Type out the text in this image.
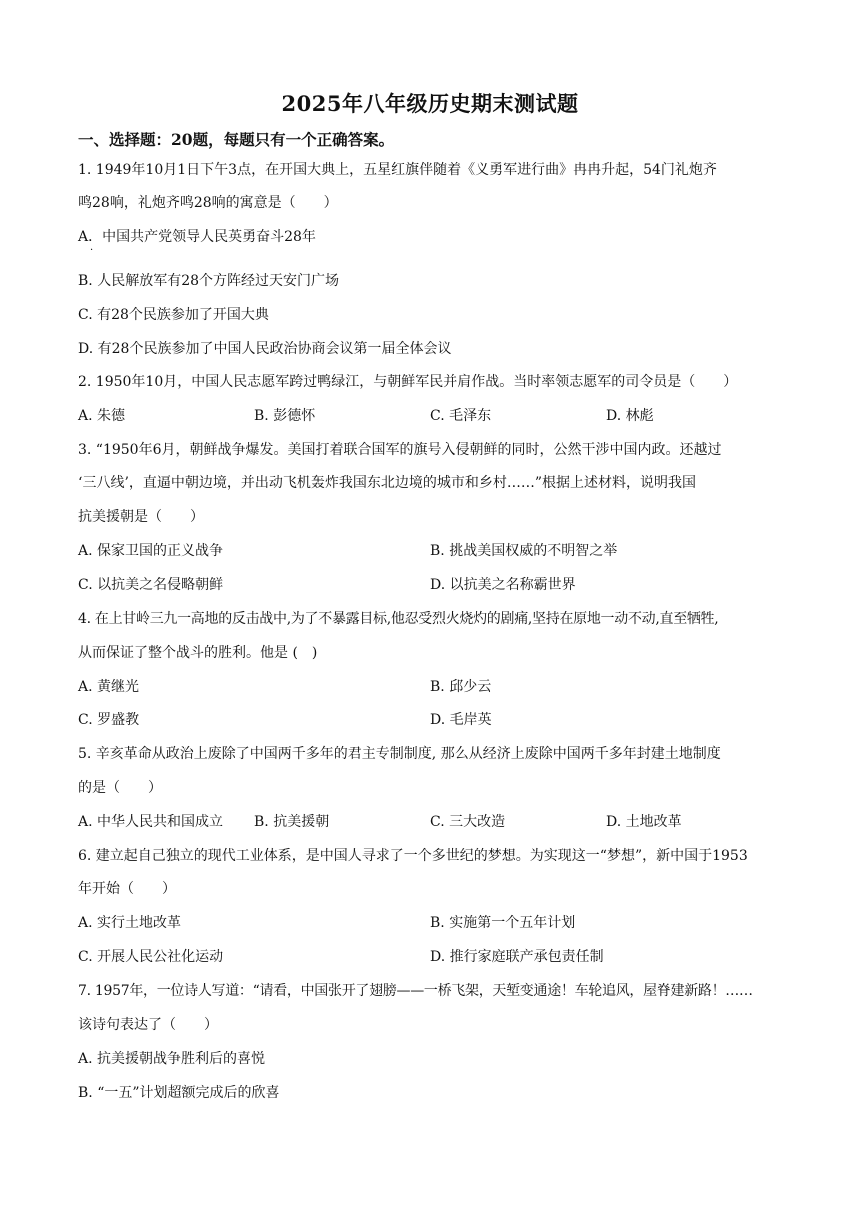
2025年八年级历史期末测试题
一、选择题：20题，每题只有一个正确答案。
1. 1949年10月1日下午3点，在开国大典上，五星红旗伴随着《义勇军进行曲》冉冉升起，54门礼炮齐
鸣28响，礼炮齐鸣28响的寓意是（　　）
A．中国共产党领导人民英勇奋斗28年
·
B. 人民解放军有28个方阵经过天安门广场
C. 有28个民族参加了开国大典
D. 有28个民族参加了中国人民政治协商会议第一届全体会议
2. 1950年10月，中国人民志愿军跨过鸭绿江，与朝鲜军民并肩作战。当时率领志愿军的司令员是（　　）
A. 朱德	B. 彭德怀	C. 毛泽东	D. 林彪
3. “1950年6月，朝鲜战争爆发。美国打着联合国军的旗号入侵朝鲜的同时，公然干涉中国内政。还越过
‘三八线’，直逼中朝边境，并出动飞机轰炸我国东北边境的城市和乡村……”根据上述材料，说明我国
抗美援朝是（　　）
A. 保家卫国的正义战争	B. 挑战美国权威的不明智之举
C. 以抗美之名侵略朝鲜	D. 以抗美之名称霸世界
4. 在上甘岭三九一高地的反击战中,为了不暴露目标,他忍受烈火烧灼的剧痛,坚持在原地一动不动,直至牺牲,
从而保证了整个战斗的胜利。他是 (　)
A. 黄继光	B. 邱少云
C. 罗盛教	D. 毛岸英
5. 辛亥革命从政治上废除了中国两千多年的君主专制制度, 那么从经济上废除中国两千多年封建土地制度
的是（　　）
A. 中华人民共和国成立 B. 抗美援朝	C. 三大改造	D. 土地改革
6. 建立起自己独立的现代工业体系，是中国人寻求了一个多世纪的梦想。为实现这一“梦想”，新中国于1953
年开始（　　）
A. 实行土地改革	B. 实施第一个五年计划
C. 开展人民公社化运动	D. 推行家庭联产承包责任制
7. 1957年，一位诗人写道：“请看，中国张开了翅膀——一桥飞架，天堑变通途！车轮追风，屋脊建新路！……
该诗句表达了（　　）
A. 抗美援朝战争胜利后的喜悦
B. “一五”计划超额完成后的欣喜
